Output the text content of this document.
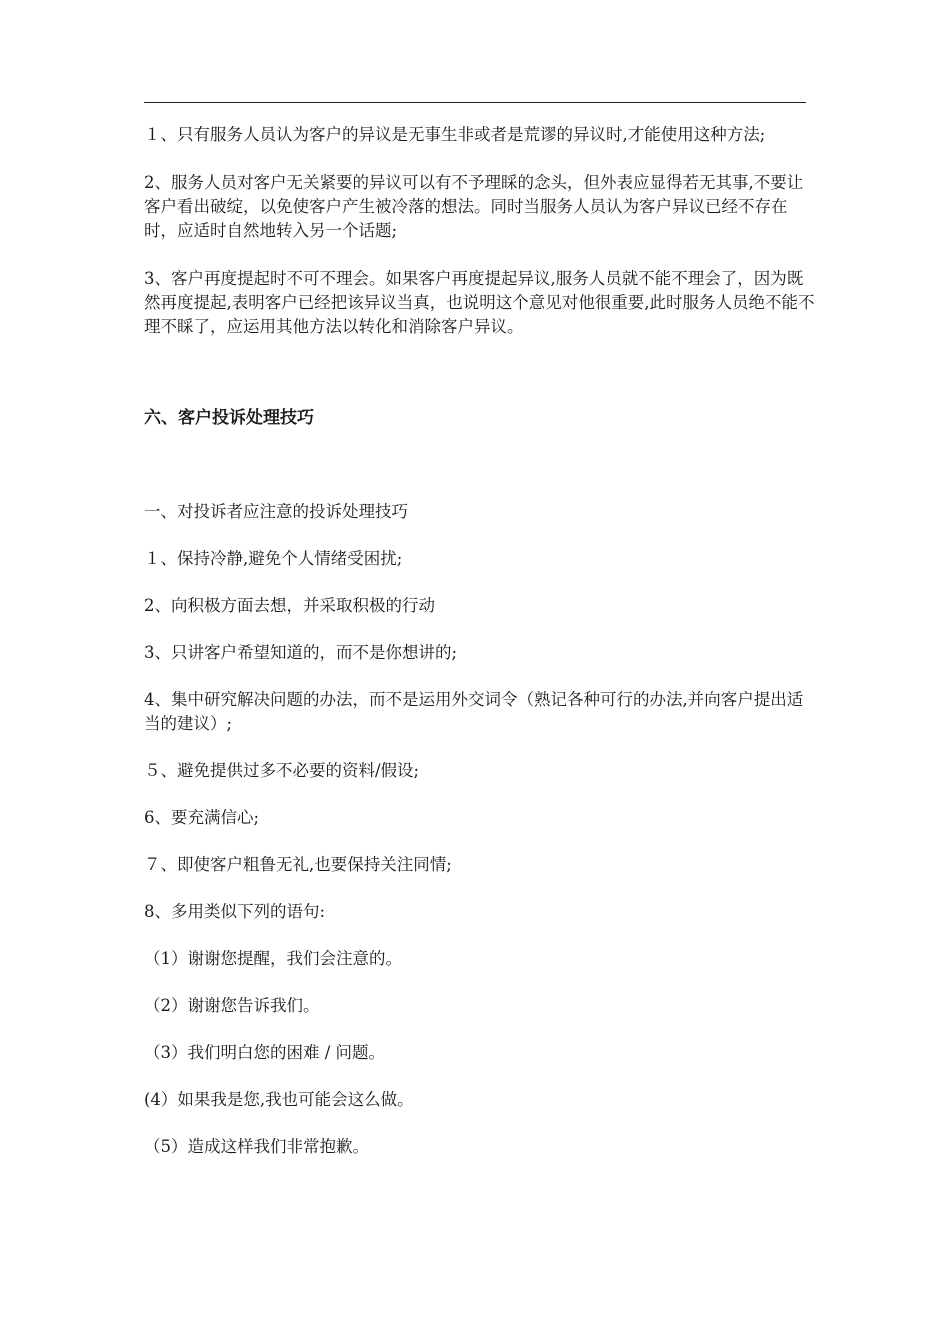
１、只有服务人员认为客户的异议是无事生非或者是荒谬的异议时,才能使用这种方法;

2、服务人员对客户无关紧要的异议可以有不予理睬的念头，但外表应显得若无其事,不要让客户看出破绽，以免使客户产生被冷落的想法。同时当服务人员认为客户异议已经不存在时，应适时自然地转入另一个话题;

3、客户再度提起时不可不理会。如果客户再度提起异议,服务人员就不能不理会了，因为既然再度提起,表明客户已经把该异议当真，也说明这个意见对他很重要,此时服务人员绝不能不理不睬了，应运用其他方法以转化和消除客户异议。

六、客户投诉处理技巧

一、对投诉者应注意的投诉处理技巧

１、保持冷静,避免个人情绪受困扰;

2、向积极方面去想，并采取积极的行动

3、只讲客户希望知道的，而不是你想讲的;

4、集中研究解决问题的办法，而不是运用外交词令（熟记各种可行的办法,并向客户提出适当的建议）;

５、避免提供过多不必要的资料/假设;

6、要充满信心;

７、即使客户粗鲁无礼,也要保持关注同情;

8、多用类似下列的语句:

（1）谢谢您提醒，我们会注意的。

（2）谢谢您告诉我们。

（3）我们明白您的困难 / 问题。

(4）如果我是您,我也可能会这么做。

（5）造成这样我们非常抱歉。
